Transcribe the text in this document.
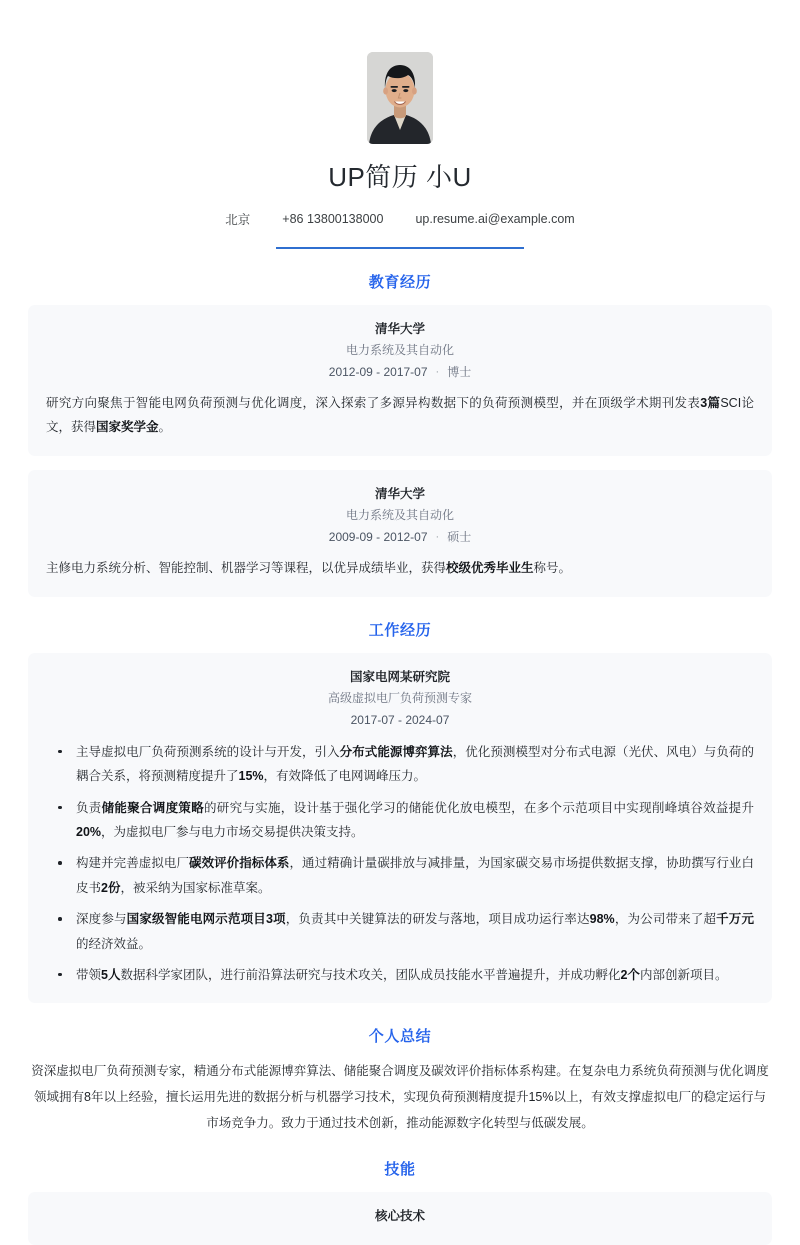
UP简历 小U
北京	+86 13800138000	up.resume.ai@example.com
教育经历
清华大学
电力系统及其自动化
2012-09 - 2017-07 · 博士
研究方向聚焦于智能电网负荷预测与优化调度，深入探索了多源异构数据下的负荷预测模型，并在顶级学术期刊发表3篇SCI论文，获得国家奖学金。
清华大学
电力系统及其自动化
2009-09 - 2012-07 · 硕士
主修电力系统分析、智能控制、机器学习等课程，以优异成绩毕业，获得校级优秀毕业生称号。
工作经历
国家电网某研究院
高级虚拟电厂负荷预测专家
2017-07 - 2024-07
主导虚拟电厂负荷预测系统的设计与开发，引入分布式能源博弈算法，优化预测模型对分布式电源（光伏、风电）与负荷的耦合关系，将预测精度提升了15%，有效降低了电网调峰压力。
负责储能聚合调度策略的研究与实施，设计基于强化学习的储能优化放电模型，在多个示范项目中实现削峰填谷效益提升20%，为虚拟电厂参与电力市场交易提供决策支持。
构建并完善虚拟电厂碳效评价指标体系，通过精确计量碳排放与减排量，为国家碳交易市场提供数据支撑，协助撰写行业白皮书2份，被采纳为国家标准草案。
深度参与国家级智能电网示范项目3项，负责其中关键算法的研发与落地，项目成功运行率达98%，为公司带来了超千万元的经济效益。
带领5人数据科学家团队，进行前沿算法研究与技术攻关，团队成员技能水平普遍提升，并成功孵化2个内部创新项目。
个人总结
资深虚拟电厂负荷预测专家，精通分布式能源博弈算法、储能聚合调度及碳效评价指标体系构建。在复杂电力系统负荷预测与优化调度领域拥有8年以上经验，擅长运用先进的数据分析与机器学习技术，实现负荷预测精度提升15%以上，有效支撑虚拟电厂的稳定运行与市场竞争力。致力于通过技术创新，推动能源数字化转型与低碳发展。
技能
核心技术
